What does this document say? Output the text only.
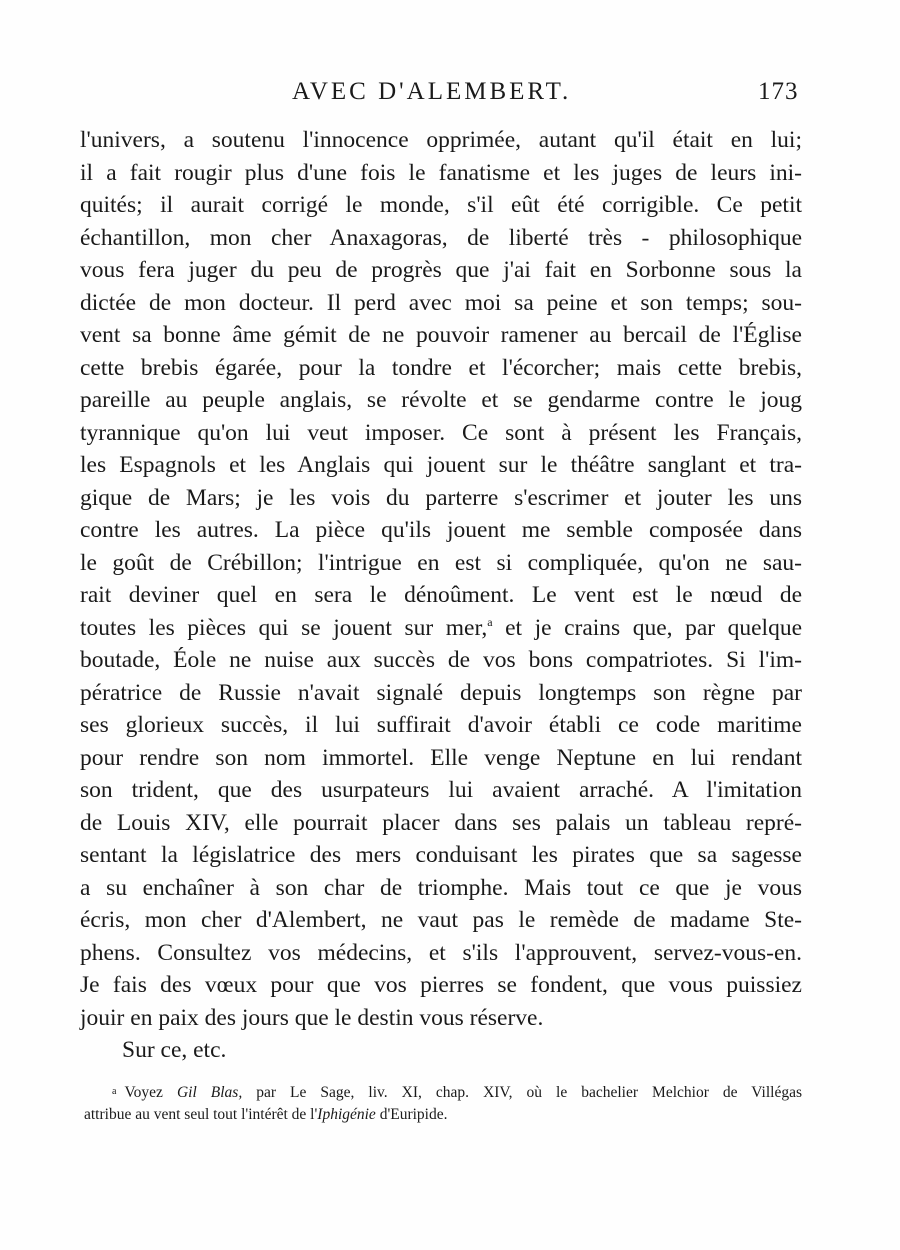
AVEC D'ALEMBERT.	173
l'univers, a soutenu l'innocence opprimée, autant qu'il était en lui;
il a fait rougir plus d'une fois le fanatisme et les juges de leurs ini-
quités; il aurait corrigé le monde, s'il eût été corrigible. Ce petit
échantillon, mon cher Anaxagoras, de liberté très - philosophique
vous fera juger du peu de progrès que j'ai fait en Sorbonne sous la
dictée de mon docteur. Il perd avec moi sa peine et son temps; sou-
vent sa bonne âme gémit de ne pouvoir ramener au bercail de l'Église
cette brebis égarée, pour la tondre et l'écorcher; mais cette brebis,
pareille au peuple anglais, se révolte et se gendarme contre le joug
tyrannique qu'on lui veut imposer. Ce sont à présent les Français,
les Espagnols et les Anglais qui jouent sur le théâtre sanglant et tra-
gique de Mars; je les vois du parterre s'escrimer et jouter les uns
contre les autres. La pièce qu'ils jouent me semble composée dans
le goût de Crébillon; l'intrigue en est si compliquée, qu'on ne sau-
rait deviner quel en sera le dénoûment. Le vent est le nœud de
toutes les pièces qui se jouent sur mer,$^a$ et je crains que, par quelque
boutade, Éole ne nuise aux succès de vos bons compatriotes. Si l'im-
pératrice de Russie n'avait signalé depuis longtemps son règne par
ses glorieux succès, il lui suffirait d'avoir établi ce code maritime
pour rendre son nom immortel. Elle venge Neptune en lui rendant
son trident, que des usurpateurs lui avaient arraché. A l'imitation
de Louis XIV, elle pourrait placer dans ses palais un tableau repré-
sentant la législatrice des mers conduisant les pirates que sa sagesse
a su enchaîner à son char de triomphe. Mais tout ce que je vous
écris, mon cher d'Alembert, ne vaut pas le remède de madame Ste-
phens. Consultez vos médecins, et s'ils l'approuvent, servez-vous-en.
Je fais des vœux pour que vos pierres se fondent, que vous puissiez
jouir en paix des jours que le destin vous réserve.
Sur ce, etc.
a Voyez Gil Blas, par Le Sage, liv. XI, chap. XIV, où le bachelier Melchior de Villégas
attribue au vent seul tout l'intérêt de l'Iphigénie d'Euripide.
